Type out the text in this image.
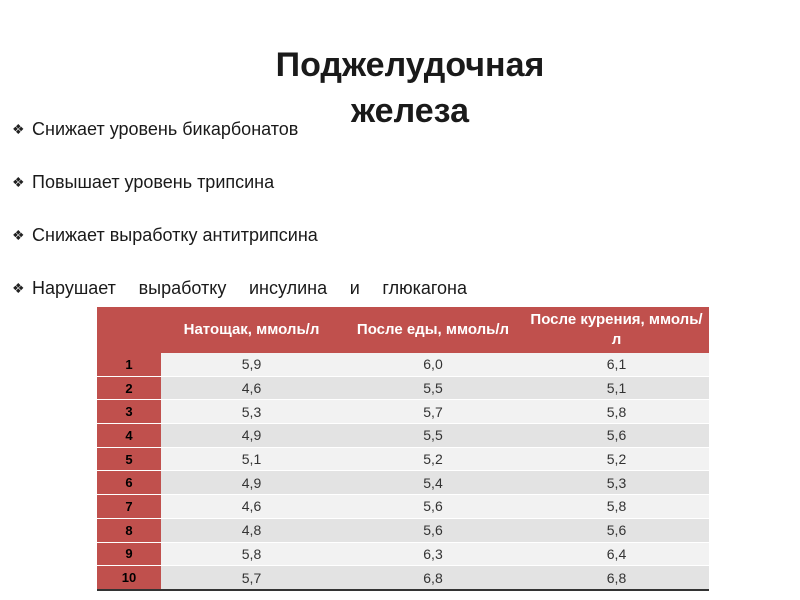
Поджелудочная
железа
❖ Снижает уровень бикарбонатов
❖ Повышает уровень трипсина
❖ Снижает выработку антитрипсина
❖ Нарушает выработку инсулина и глюкагона
	Натощак, ммоль/л	После еды, ммоль/л	После курения, ммоль/л
1	5,9	6,0	6,1
2	4,6	5,5	5,1
3	5,3	5,7	5,8
4	4,9	5,5	5,6
5	5,1	5,2	5,2
6	4,9	5,4	5,3
7	4,6	5,6	5,8
8	4,8	5,6	5,6
9	5,8	6,3	6,4
10	5,7	6,8	6,8
